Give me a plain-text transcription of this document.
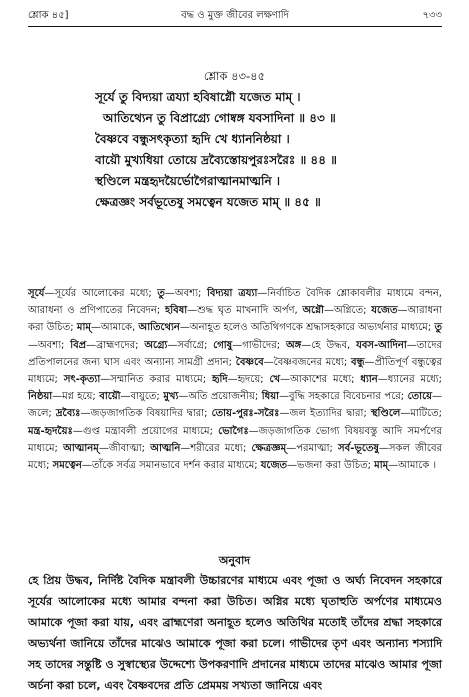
শ্লোক ৪৫]	বদ্ধ ও মুক্ত জীবের লক্ষণাদি	৭৩৩
শ্লোক ৪৩-৪৫
সূর্যে তু বিদ্যয়া ত্রয্যা হবিষাগ্নৌ যজেত মাম্ ।
আতিথ্যেন তু বিপ্রাগ্র্যে গোষ্বঙ্গ যবসাদিনা ॥ ৪৩ ॥
বৈষ্ণবে বন্ধুসৎকৃত্যা হৃদি খে ধ্যাননিষ্ঠয়া ।
বায়ৌ মুখ্যধিয়া তোয়ে দ্রব্যৈস্তোয়পুরঃসরৈঃ ॥ ৪৪ ॥
স্থণ্ডিলে মন্ত্রহৃদয়ৈর্ভোগৈরাত্মানমাত্মনি ।
ক্ষেত্রজ্ঞং সর্বভূতেষু সমত্বেন যজেত মাম্ ॥ ৪৫ ॥
সূর্যে—সূর্যের আলোকের মধ্যে; তু—অবশ্য; বিদ্যয়া ত্রয্যা—নির্বাচিত বৈদিক শ্লোকাবলীর মাধ্যমে বন্দন, আরাধনা ও প্রণিপাতের নিবেদন; হবিষা—শুদ্ধ ঘৃত মাখনাদি অর্পণ, অগ্নৌ—অগ্নিতে; যজেত—আরাধনা করা উচিত; মাম্—আমাকে, আতিথ্যেন—অনাহূত হলেও অতিথিগণকে শ্রদ্ধাসহকারে অভ্যর্থনার মাধ্যমে; তু—অবশ্য; বিপ্র—ব্রাহ্মণদের; অগ্র্যে—সর্বাগ্রে; গোষু—গাভীদের; অঙ্গ—হে উদ্ধব, যবস-আদিনা—তাদের প্রতিপালনের জন্য ঘাস এবং অন্যান্য সামগ্রী প্রদান; বৈষ্ণবে—বৈষ্ণবজনের মধ্যে; বন্ধু—প্রীতিপূর্ণ বন্ধুত্বের মাধ্যমে; সৎ-কৃত্যা—সম্মানিত করার মাধ্যমে; হৃদি—হৃদয়ে; খে—আকাশের মধ্যে; ধ্যান—ধ্যানের মধ্যে; নিষ্ঠয়া—মগ্ন হয়ে; বায়ৌ—বায়ুতে; মুখ্য—অতি প্রয়োজনীয়; ধিয়া—বুদ্ধি সহকারে বিবেচনার পরে; তোয়ে—জলে; দ্রব্যৈঃ—জড়জাগতিক বিষয়াদির দ্বারা; তোয়-পুরঃ-সরৈঃ—জল ইত্যাদির দ্বারা; স্থণ্ডিলে—মাটিতে; মন্ত্র-হৃদয়ৈঃ—গুপ্ত মন্ত্রাবলী প্রয়োগের মাধ্যমে; ভোগৈঃ—জড়জাগতিক ভোগ্য বিষয়বস্তু আদি সমর্পণের মাধ্যমে; আত্মানম্—জীবাত্মা; আত্মনি—শরীরের মধ্যে; ক্ষেত্রজ্ঞম্—পরমাত্মা; সর্ব-ভূতেষু—সকল জীবের মধ্যে; সমত্বেন—তাঁকে সর্বত্র সমানভাবে দর্শন করার মাধ্যমে; যজেত—ভজনা করা উচিত; মাম্—আমাকে ।
অনুবাদ
হে প্রিয় উদ্ধব, নির্দিষ্ট বৈদিক মন্ত্রাবলী উচ্চারণের মাধ্যমে এবং পূজা ও অর্ঘ্য নিবেদন সহকারে সূর্যের আলোকের মধ্যে আমার বন্দনা করা উচিত। অগ্নির মধ্যে ঘৃতাহুতি অর্পণের মাধ্যমেও আমাকে পূজা করা যায়, এবং ব্রাহ্মণেরা অনাহূত হলেও অতিথির মতোই তাঁদের শ্রদ্ধা সহকারে অভ্যর্থনা জানিয়ে তাঁদের মাঝেও আমাকে পূজা করা চলে। গাভীদের তৃণ এবং অন্যান্য শস্যাদি সহ তাদের সন্তুষ্টি ও সুস্বাস্থ্যের উদ্দেশ্যে উপকরণাদি প্রদানের মাধ্যমে তাদের মাঝেও আমার পূজা অর্চনা করা চলে, এবং বৈষ্ণবদের প্রতি প্রেমময় সখ্যতা জানিয়ে এবং
